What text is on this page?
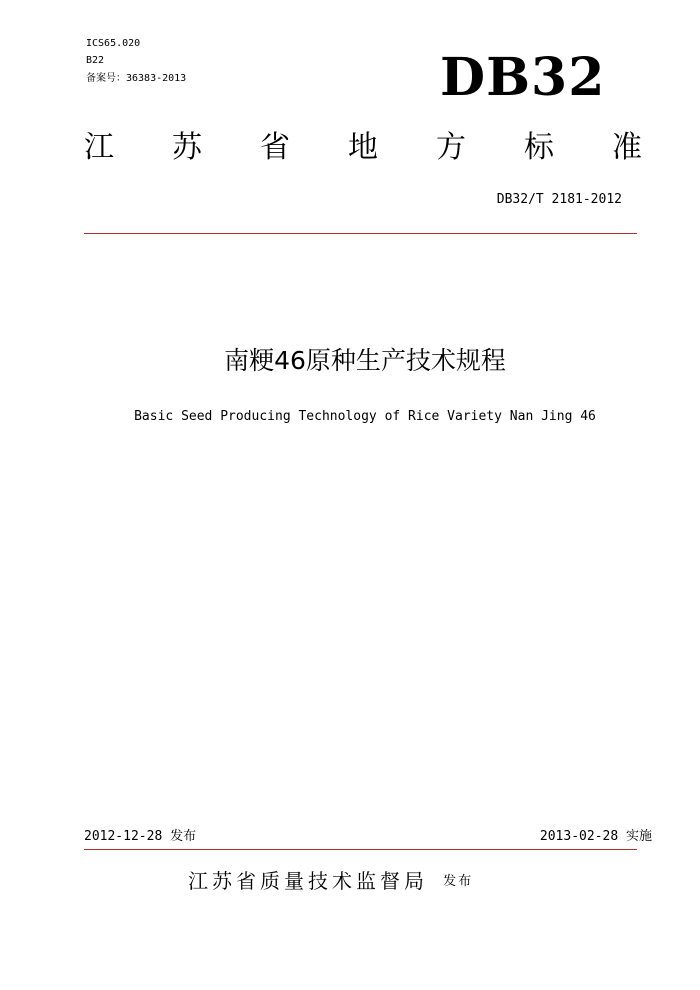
ICS65.020
B22
备案号：36383-2013	DB32
江 苏 省 地 方 标 准
DB32/T 2181-2012
南粳46原种生产技术规程
Basic Seed Producing Technology of Rice Variety Nan Jing 46
2012-12-28 发布	2013-02-28 实施
江苏省质量技术监督局 发布
